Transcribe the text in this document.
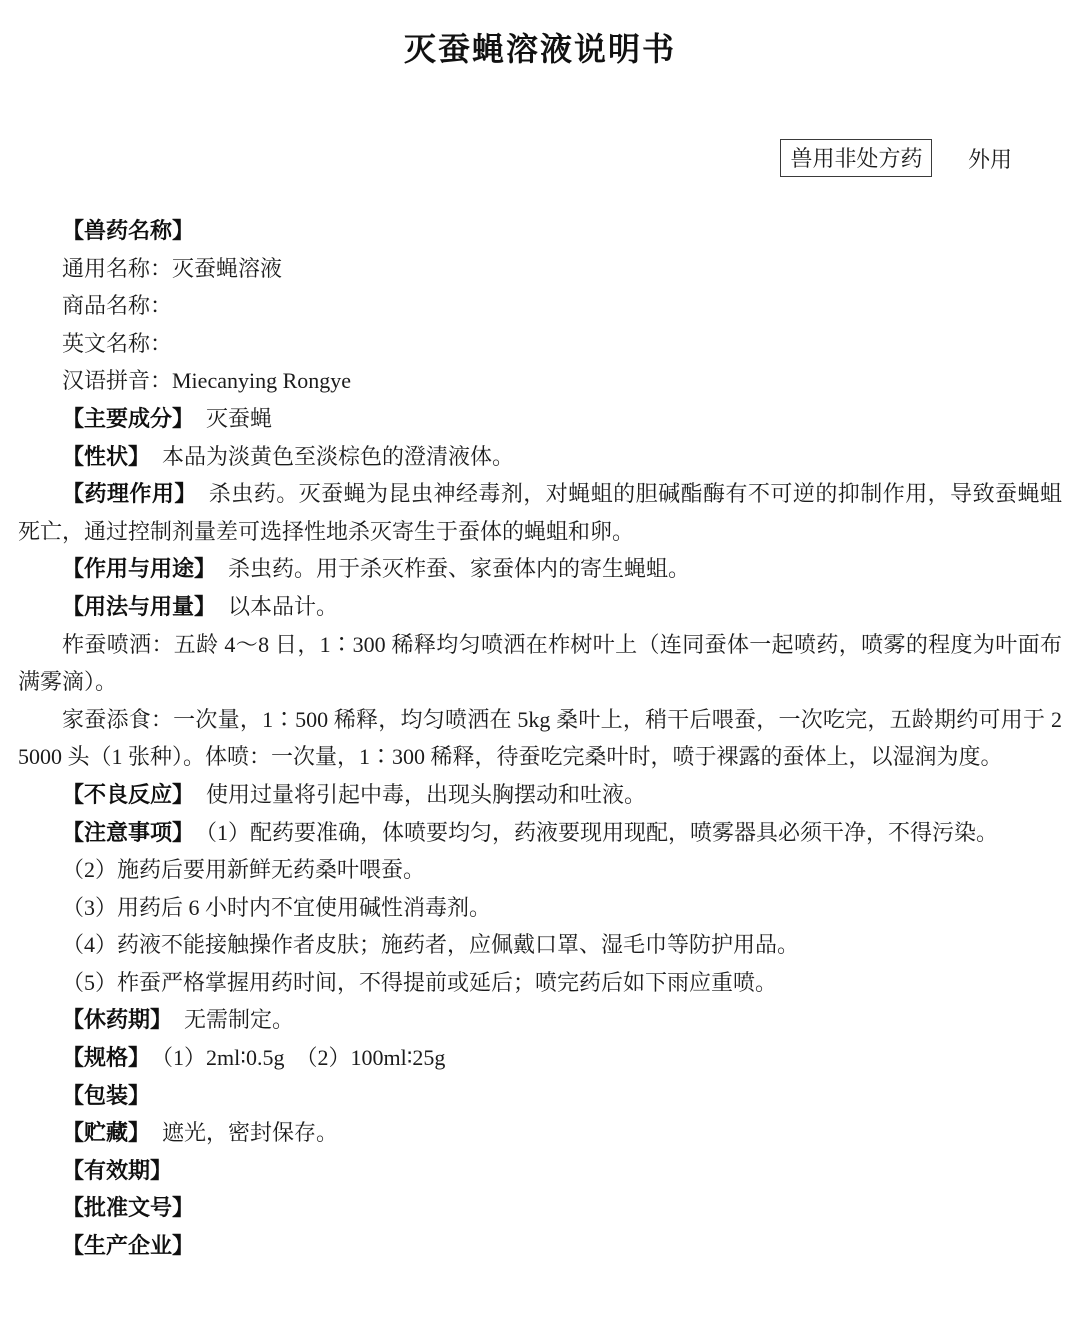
灭蚕蝇溶液说明书
兽用非处方药 外用

【兽药名称】

通用名称：灭蚕蝇溶液

商品名称：

英文名称：

汉语拼音：Miecanying Rongye

【主要成分】 灭蚕蝇

【性状】 本品为淡黄色至淡棕色的澄清液体。

【药理作用】 杀虫药。灭蚕蝇为昆虫神经毒剂，对蝇蛆的胆碱酯酶有不可逆的抑制作用，导致蚕蝇蛆死亡，通过控制剂量差可选择性地杀灭寄生于蚕体的蝇蛆和卵。

【作用与用途】 杀虫药。用于杀灭柞蚕、家蚕体内的寄生蝇蛆。

【用法与用量】 以本品计。

柞蚕喷洒：五龄 4～8 日，1∶300 稀释均匀喷洒在柞树叶上（连同蚕体一起喷药，喷雾的程度为叶面布满雾滴）。

家蚕添食：一次量，1∶500 稀释，均匀喷洒在 5kg 桑叶上，稍干后喂蚕，一次吃完，五龄期约可用于 25000 头（1 张种）。体喷：一次量，1∶300 稀释，待蚕吃完桑叶时，喷于裸露的蚕体上，以湿润为度。

【不良反应】 使用过量将引起中毒，出现头胸摆动和吐液。

【注意事项】 （1）配药要准确，体喷要均匀，药液要现用现配，喷雾器具必须干净，不得污染。

（2）施药后要用新鲜无药桑叶喂蚕。

（3）用药后 6 小时内不宜使用碱性消毒剂。

（4）药液不能接触操作者皮肤；施药者，应佩戴口罩、湿毛巾等防护用品。

（5）柞蚕严格掌握用药时间，不得提前或延后；喷完药后如下雨应重喷。

【休药期】 无需制定。

【规格】 （1）2ml∶0.5g　（2）100ml∶25g

【包装】

【贮藏】 遮光，密封保存。

【有效期】

【批准文号】

【生产企业】
